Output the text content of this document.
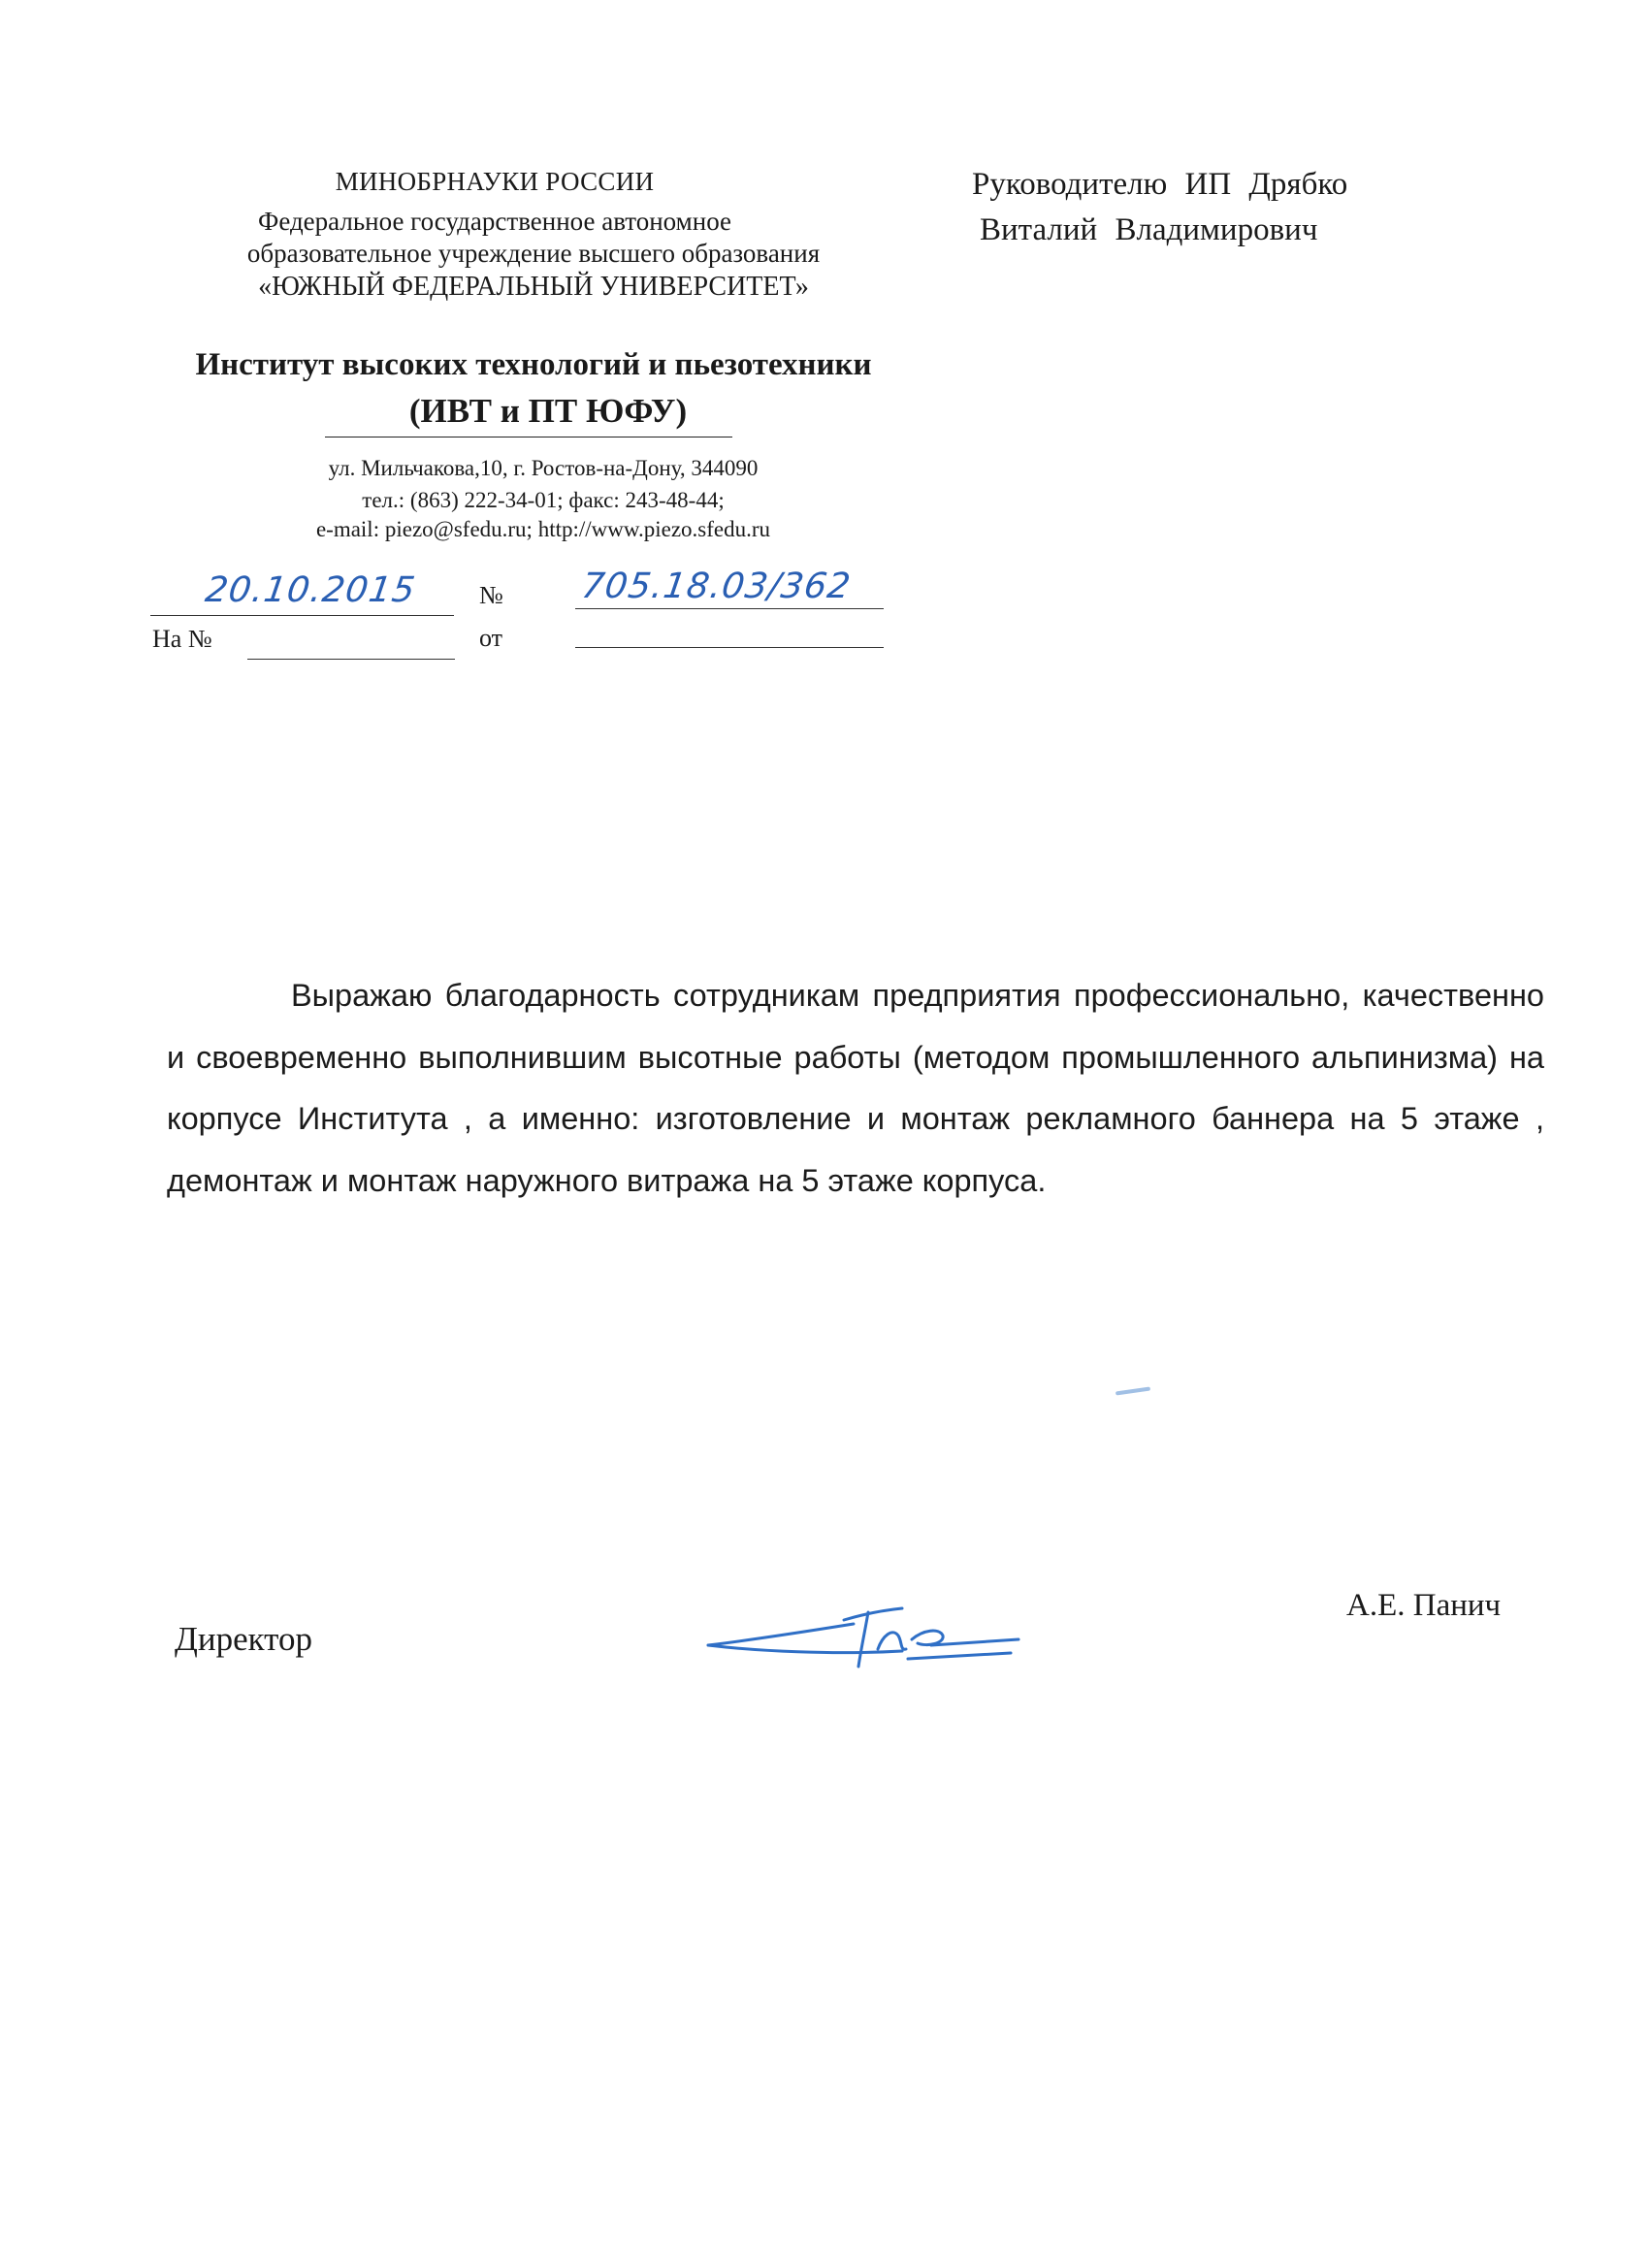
МИНОБРНАУКИ РОССИИ
Федеральное государственное автономное
образовательное учреждение высшего образования
«ЮЖНЫЙ ФЕДЕРАЛЬНЫЙ УНИВЕРСИТЕТ»
Институт высоких технологий и пьезотехники
(ИВТ и ПТ ЮФУ)
ул. Мильчакова,10, г. Ростов-на-Дону, 344090
тел.: (863) 222-34-01; факс: 243-48-44;
e-mail: piezo@sfedu.ru; http://www.piezo.sfedu.ru
20.10.2015 № 705.18.03/362
На №	от
Руководителю ИП Дрябко
Виталий Владимирович
Выражаю благодарность сотрудникам предприятия профессионально, качественно и своевременно выполнившим высотные работы (методом промышленного альпинизма) на корпусе Института , а именно: изготовление и монтаж рекламного баннера на 5 этаже , демонтаж и монтаж наружного витража на 5 этаже корпуса.
Директор
А.Е. Панич
